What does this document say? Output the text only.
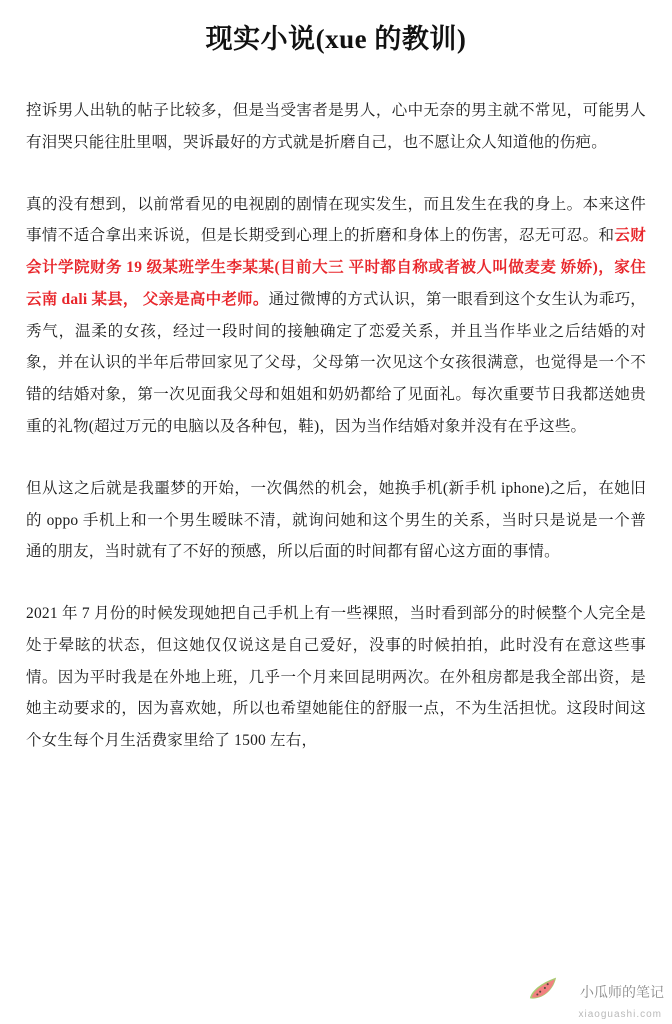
现实小说(xue 的教训)

控诉男人出轨的帖子比较多，但是当受害者是男人，心中无奈的男主就不常见，可能男人有泪哭只能往肚里咽，哭诉最好的方式就是折磨自己，也不愿让众人知道他的伤疤。

真的没有想到，以前常看见的电视剧的剧情在现实发生，而且发生在我的身上。本来这件事情不适合拿出来诉说，但是长期受到心理上的折磨和身体上的伤害，忍无可忍。和云财会计学院财务 19 级某班学生李某某(目前大三 平时都自称或者被人叫做麦麦 娇娇)，家住云南 dali 某县， 父亲是高中老师。通过微博的方式认识，第一眼看到这个女生认为乖巧，秀气，温柔的女孩，经过一段时间的接触确定了恋爱关系，并且当作毕业之后结婚的对象，并在认识的半年后带回家见了父母，父母第一次见这个女孩很满意，也觉得是一个不错的结婚对象，第一次见面我父母和姐姐和奶奶都给了见面礼。每次重要节日我都送她贵重的礼物(超过万元的电脑以及各种包，鞋)，因为当作结婚对象并没有在乎这些。

但从这之后就是我噩梦的开始，一次偶然的机会，她换手机(新手机 iphone)之后，在她旧的 oppo 手机上和一个男生暧昧不清，就询问她和这个男生的关系，当时只是说是一个普通的朋友，当时就有了不好的预感，所以后面的时间都有留心这方面的事情。

2021 年 7 月份的时候发现她把自己手机上有一些裸照，当时看到部分的时候整个人完全是处于晕眩的状态，但这她仅仅说这是自己爱好，没事的时候拍拍，此时没有在意这些事情。因为平时我是在外地上班，几乎一个月来回昆明两次。在外租房都是我全部出资，是她主动要求的，因为喜欢她，所以也希望她能住的舒服一点，不为生活担忧。这段时间这个女生每个月生活费家里给了 1500 左右，

小瓜师的笔记
xiaoguashi.com
